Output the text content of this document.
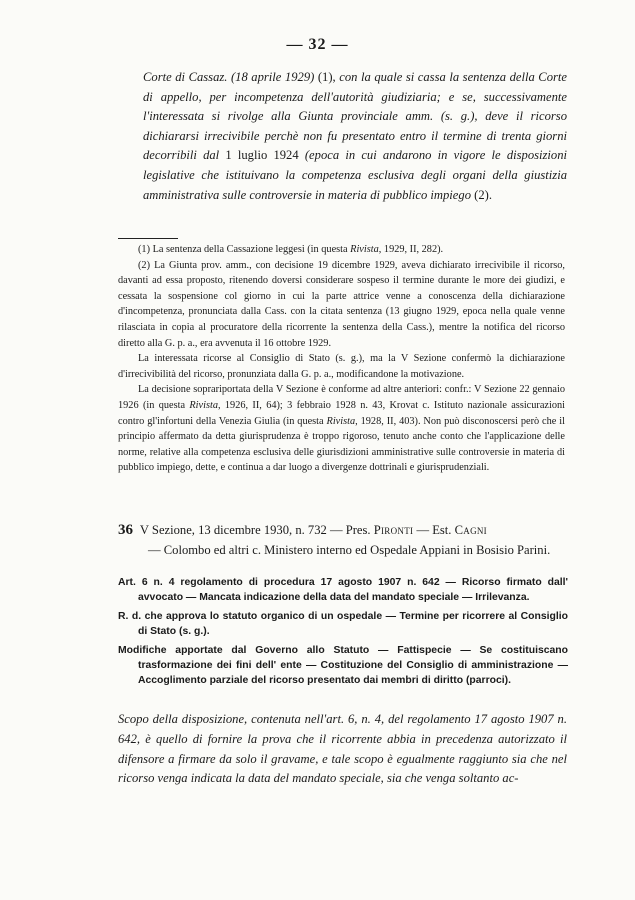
— 32 —

Corte di Cassaz. (18 aprile 1929) (1), con la quale si cassa la sentenza della Corte di appello, per incompetenza dell'autorità giudiziaria; e se, successivamente l'interessata si rivolge alla Giunta provinciale amm. (s. g.), deve il ricorso dichiararsi irrecivibile perchè non fu presentato entro il termine di trenta giorni decorribili dal 1 luglio 1924 (epoca in cui andarono in vigore le disposizioni legislative che istituivano la competenza esclusiva degli organi della giustizia amministrativa sulle controversie in materia di pubblico impiego (2).

(1) La sentenza della Cassazione leggesi (in questa Rivista, 1929, II, 282).

(2) La Giunta prov. amm., con decisione 19 dicembre 1929, aveva dichiarato irrecivibile il ricorso, davanti ad essa proposto, ritenendo doversi considerare sospeso il termine durante le more dei giudizi, e cessata la sospensione col giorno in cui la parte attrice venne a conoscenza della dichiarazione d'incompetenza, pronunciata dalla Cass. con la citata sentenza (13 giugno 1929, epoca nella quale venne rilasciata in copia al procuratore della ricorrente la sentenza della Cass.), mentre la notifica del ricorso diretto alla G. p. a., era avvenuta il 16 ottobre 1929.

La interessata ricorse al Consiglio di Stato (s. g.), ma la V Sezione confermò la dichiarazione d'irrecivibilità del ricorso, pronunziata dalla G. p. a., modificandone la motivazione.

La decisione soprariportata della V Sezione è conforme ad altre anteriori: confr.: V Sezione 22 gennaio 1926 (in questa Rivista, 1926, II, 64); 3 febbraio 1928 n. 43, Krovat c. Istituto nazionale assicurazioni contro gl'infortuni della Venezia Giulia (in questa Rivista, 1928, II, 403). Non può disconoscersi però che il principio affermato da detta giurisprudenza è troppo rigoroso, tenuto anche conto che l'applicazione delle norme, relative alla competenza esclusiva delle giurisdizioni amministrative sulle controversie in materia di pubblico impiego, dette, e continua a dar luogo a divergenze dottrinali e giurisprudenziali.

36 V Sezione, 13 dicembre 1930, n. 732 — Pres. Pironti — Est. Cagni
— Colombo ed altri c. Ministero interno ed Ospedale Appiani in Bosisio Parini.

Art. 6 n. 4 regolamento di procedura 17 agosto 1907 n. 642 — Ricorso firmato dall' avvocato — Mancata indicazione della data del mandato speciale — Irrilevanza.

R. d. che approva lo statuto organico di un ospedale — Termine per ricorrere al Consiglio di Stato (s. g.).

Modifiche apportate dal Governo allo Statuto — Fattispecie — Se costituiscano trasformazione dei fini dell' ente — Costituzione del Consiglio di amministrazione — Accoglimento parziale del ricorso presentato dai membri di diritto (parroci).

Scopo della disposizione, contenuta nell'art. 6, n. 4, del regolamento 17 agosto 1907 n. 642, è quello di fornire la prova che il ricorrente abbia in precedenza autorizzato il difensore a firmare da solo il gravame, e tale scopo è egualmente raggiunto sia che nel ricorso venga indicata la data del mandato speciale, sia che venga soltanto ac-
